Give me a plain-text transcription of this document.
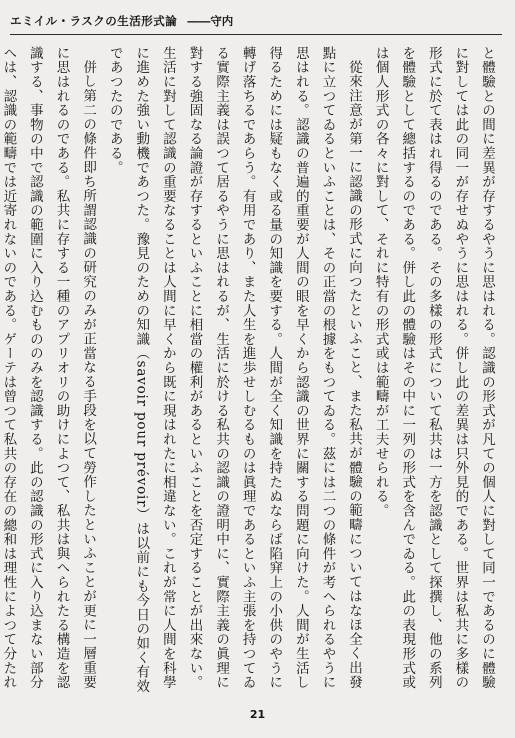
エミイル・ラスクの生活形式論 ――守内

と體驗との間に差異が存するやうに思はれる。認識の形式が凡ての個人に對して同一であるのに體驗に對しては此の同一が存せぬやうに思はれる。併し此の差異は只外見的である。世界は私共に多樣の形式に於て表はれ得るのである。その多樣の形式について私共は一方を認識として探撰し、他の系列を體驗として總括するのである。併し此の體驗はその中に一列の形式を含んでゐる。此の表現形式或は個人形式の各々に對して、それに特有の形式或は範疇が工夫せられる。

從來注意が第一に認識の形式に向つたといふこと、また私共が體驗の範疇についてはなほ全く出發點に立つてゐるといふことは、その正當の根據をもつてゐる。茲には二つの條件が考へられるやうに思はれる。認識の普遍的重要が人間の眼を早くから認識の世界に關する問題に向けた。人間が生活し得るためには疑もなく或る量の知識を要する。人間が全く知識を持たぬならば陷穽上の小供のやうに轉げ落ちるであらう。有用であり、また人生を進歩せしむるものは眞理であるといふ主張を持つてゐる實際主義は誤つて居るやうに思はれるが、生活に於ける私共の認識の證明中に、實際主義の眞理に對する強固なる論證が存するといふことに相當の權利があるといふことを否定することが出來ない。生活に對して認識の重要なることは人間に早くから既に現はれたに相違ない。これが常に人間を科學に進めた強い動機であつた。豫見のための知識（savoir pour prévoir）は以前にも今日の如く有效であつたのである。

併し第二の條件即ち所謂認識の研究のみが正當なる手段を以て勞作したといふことが更に一層重要に思はれるのである。私共に存する一種のアプリオリの助けによつて、私共は與へられたる構造を認識する、事物の中で認識の範圍に入り込むもののみを認識する。此の認識の形式に入り込まない部分へは、認識の範疇では近寄れないのである。ゲーテは曾つて私共の存在の總和は理性によつて分たれ

21
